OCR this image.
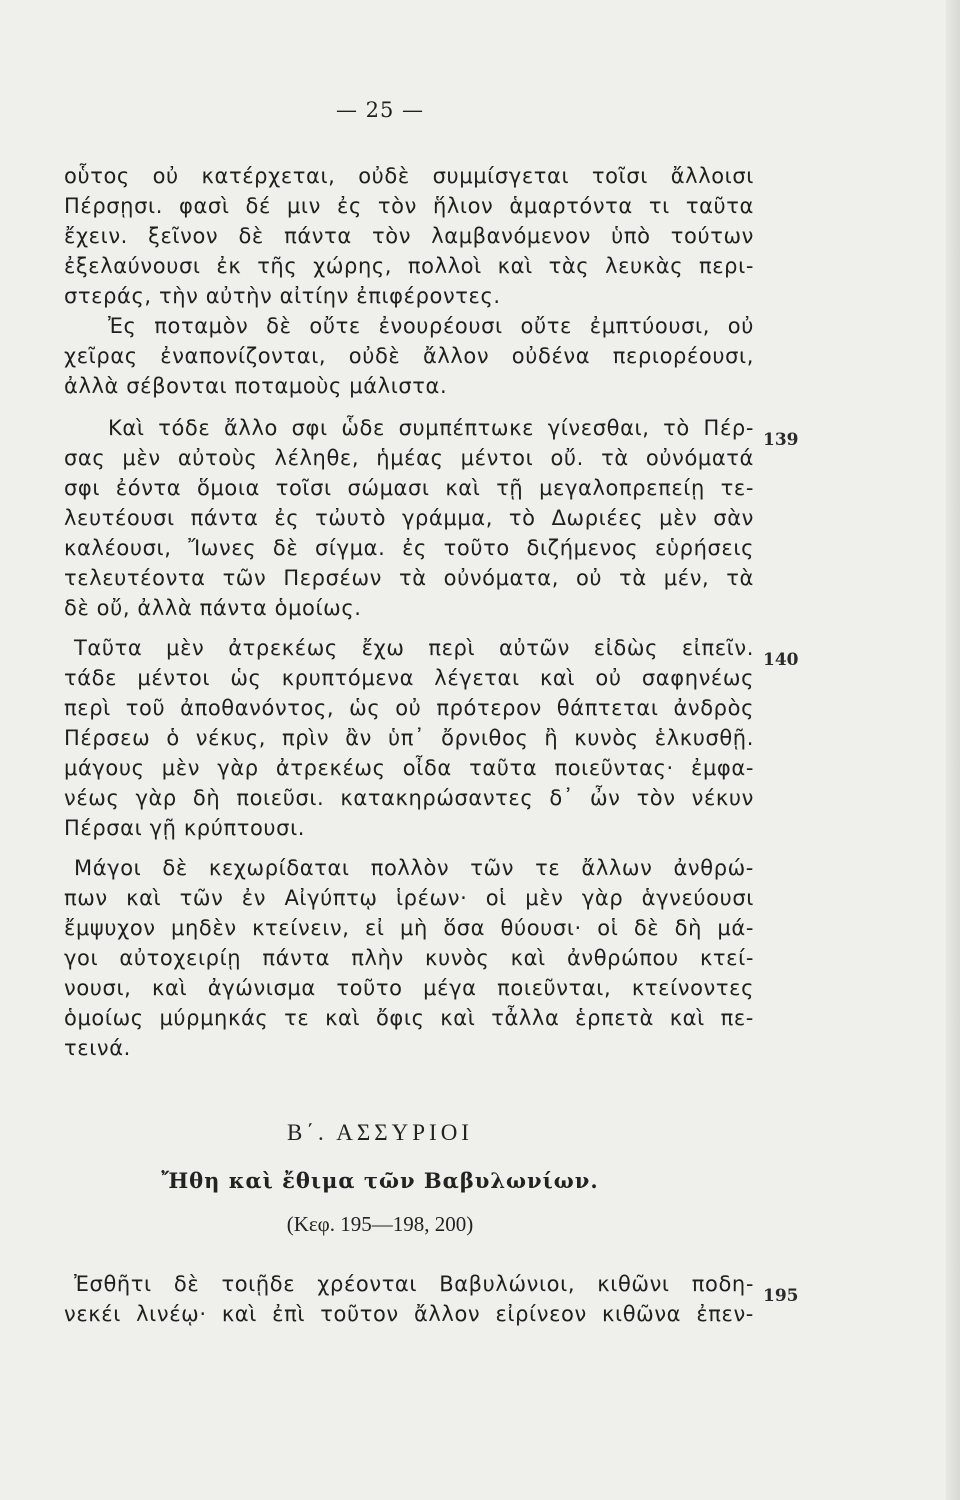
— 25 —
οὗτος οὐ κατέρχεται, οὐδὲ συμμίσγεται τοῖσι ἄλλοισι
Πέρσῃσι. φασὶ δέ μιν ἐς τὸν ἥλιον ἁμαρτόντα τι ταῦτα
ἔχειν. ξεῖνον δὲ πάντα τὸν λαμβανόμενον ὑπὸ τούτων
ἐξελαύνουσι ἐκ τῆς χώρης, πολλοὶ καὶ τὰς λευκὰς περι-
στεράς, τὴν αὐτὴν αἰτίην ἐπιφέροντες.
Ἐς ποταμὸν δὲ οὔτε ἐνουρέουσι οὔτε ἐμπτύουσι, οὐ
χεῖρας ἐναπονίζονται, οὐδὲ ἄλλον οὐδένα περιορέουσι,
ἀλλὰ σέβονται ποταμοὺς μάλιστα.
Καὶ τόδε ἄλλο σφι ὧδε συμπέπτωκε γίνεσθαι, τὸ Πέρ-
σας μὲν αὐτοὺς λέληθε, ἡμέας μέντοι οὔ. τὰ οὐνόματά
σφι ἐόντα ὅμοια τοῖσι σώμασι καὶ τῇ μεγαλοπρεπείῃ τε-
λευτέουσι πάντα ἐς τὠυτὸ γράμμα, τὸ Δωριέες μὲν σὰν
καλέουσι, Ἴωνες δὲ σίγμα. ἐς τοῦτο διζήμενος εὑρήσεις
τελευτέοντα τῶν Περσέων τὰ οὐνόματα, οὐ τὰ μέν, τὰ
δὲ οὔ, ἀλλὰ πάντα ὁμοίως.
Ταῦτα μὲν ἀτρεκέως ἔχω περὶ αὐτῶν εἰδὼς εἰπεῖν.
τάδε μέντοι ὡς κρυπτόμενα λέγεται καὶ οὐ σαφηνέως
περὶ τοῦ ἀποθανόντος, ὡς οὐ πρότερον θάπτεται ἀνδρὸς
Πέρσεω ὁ νέκυς, πρὶν ἂν ὑπ᾽ ὄρνιθος ἢ κυνὸς ἑλκυσθῇ.
μάγους μὲν γὰρ ἀτρεκέως οἶδα ταῦτα ποιεῦντας· ἐμφα-
νέως γὰρ δὴ ποιεῦσι. κατακηρώσαντες δ᾽ ὦν τὸν νέκυν
Πέρσαι γῇ κρύπτουσι.
Μάγοι δὲ κεχωρίδαται πολλὸν τῶν τε ἄλλων ἀνθρώ-
πων καὶ τῶν ἐν Αἰγύπτῳ ἱρέων· οἱ μὲν γὰρ ἁγνεύουσι
ἔμψυχον μηδὲν κτείνειν, εἰ μὴ ὅσα θύουσι· οἱ δὲ δὴ μά-
γοι αὐτοχειρίῃ πάντα πλὴν κυνὸς καὶ ἀνθρώπου κτεί-
νουσι, καὶ ἀγώνισμα τοῦτο μέγα ποιεῦνται, κτείνοντες
ὁμοίως μύρμηκάς τε καὶ ὄφις καὶ τἆλλα ἑρπετὰ καὶ πε-
τεινά.
Ἐσθῆτι δὲ τοιῇδε χρέονται Βαβυλώνιοι, κιθῶνι ποδη-
νεκέι λινέῳ· καὶ ἐπὶ τοῦτον ἄλλον εἰρίνεον κιθῶνα ἐπεν-
139
140
195
Β΄. ΑΣΣΥΡΙΟΙ
Ἤθη καὶ ἔθιμα τῶν Βαβυλωνίων.
(Κεφ. 195—198, 200)
